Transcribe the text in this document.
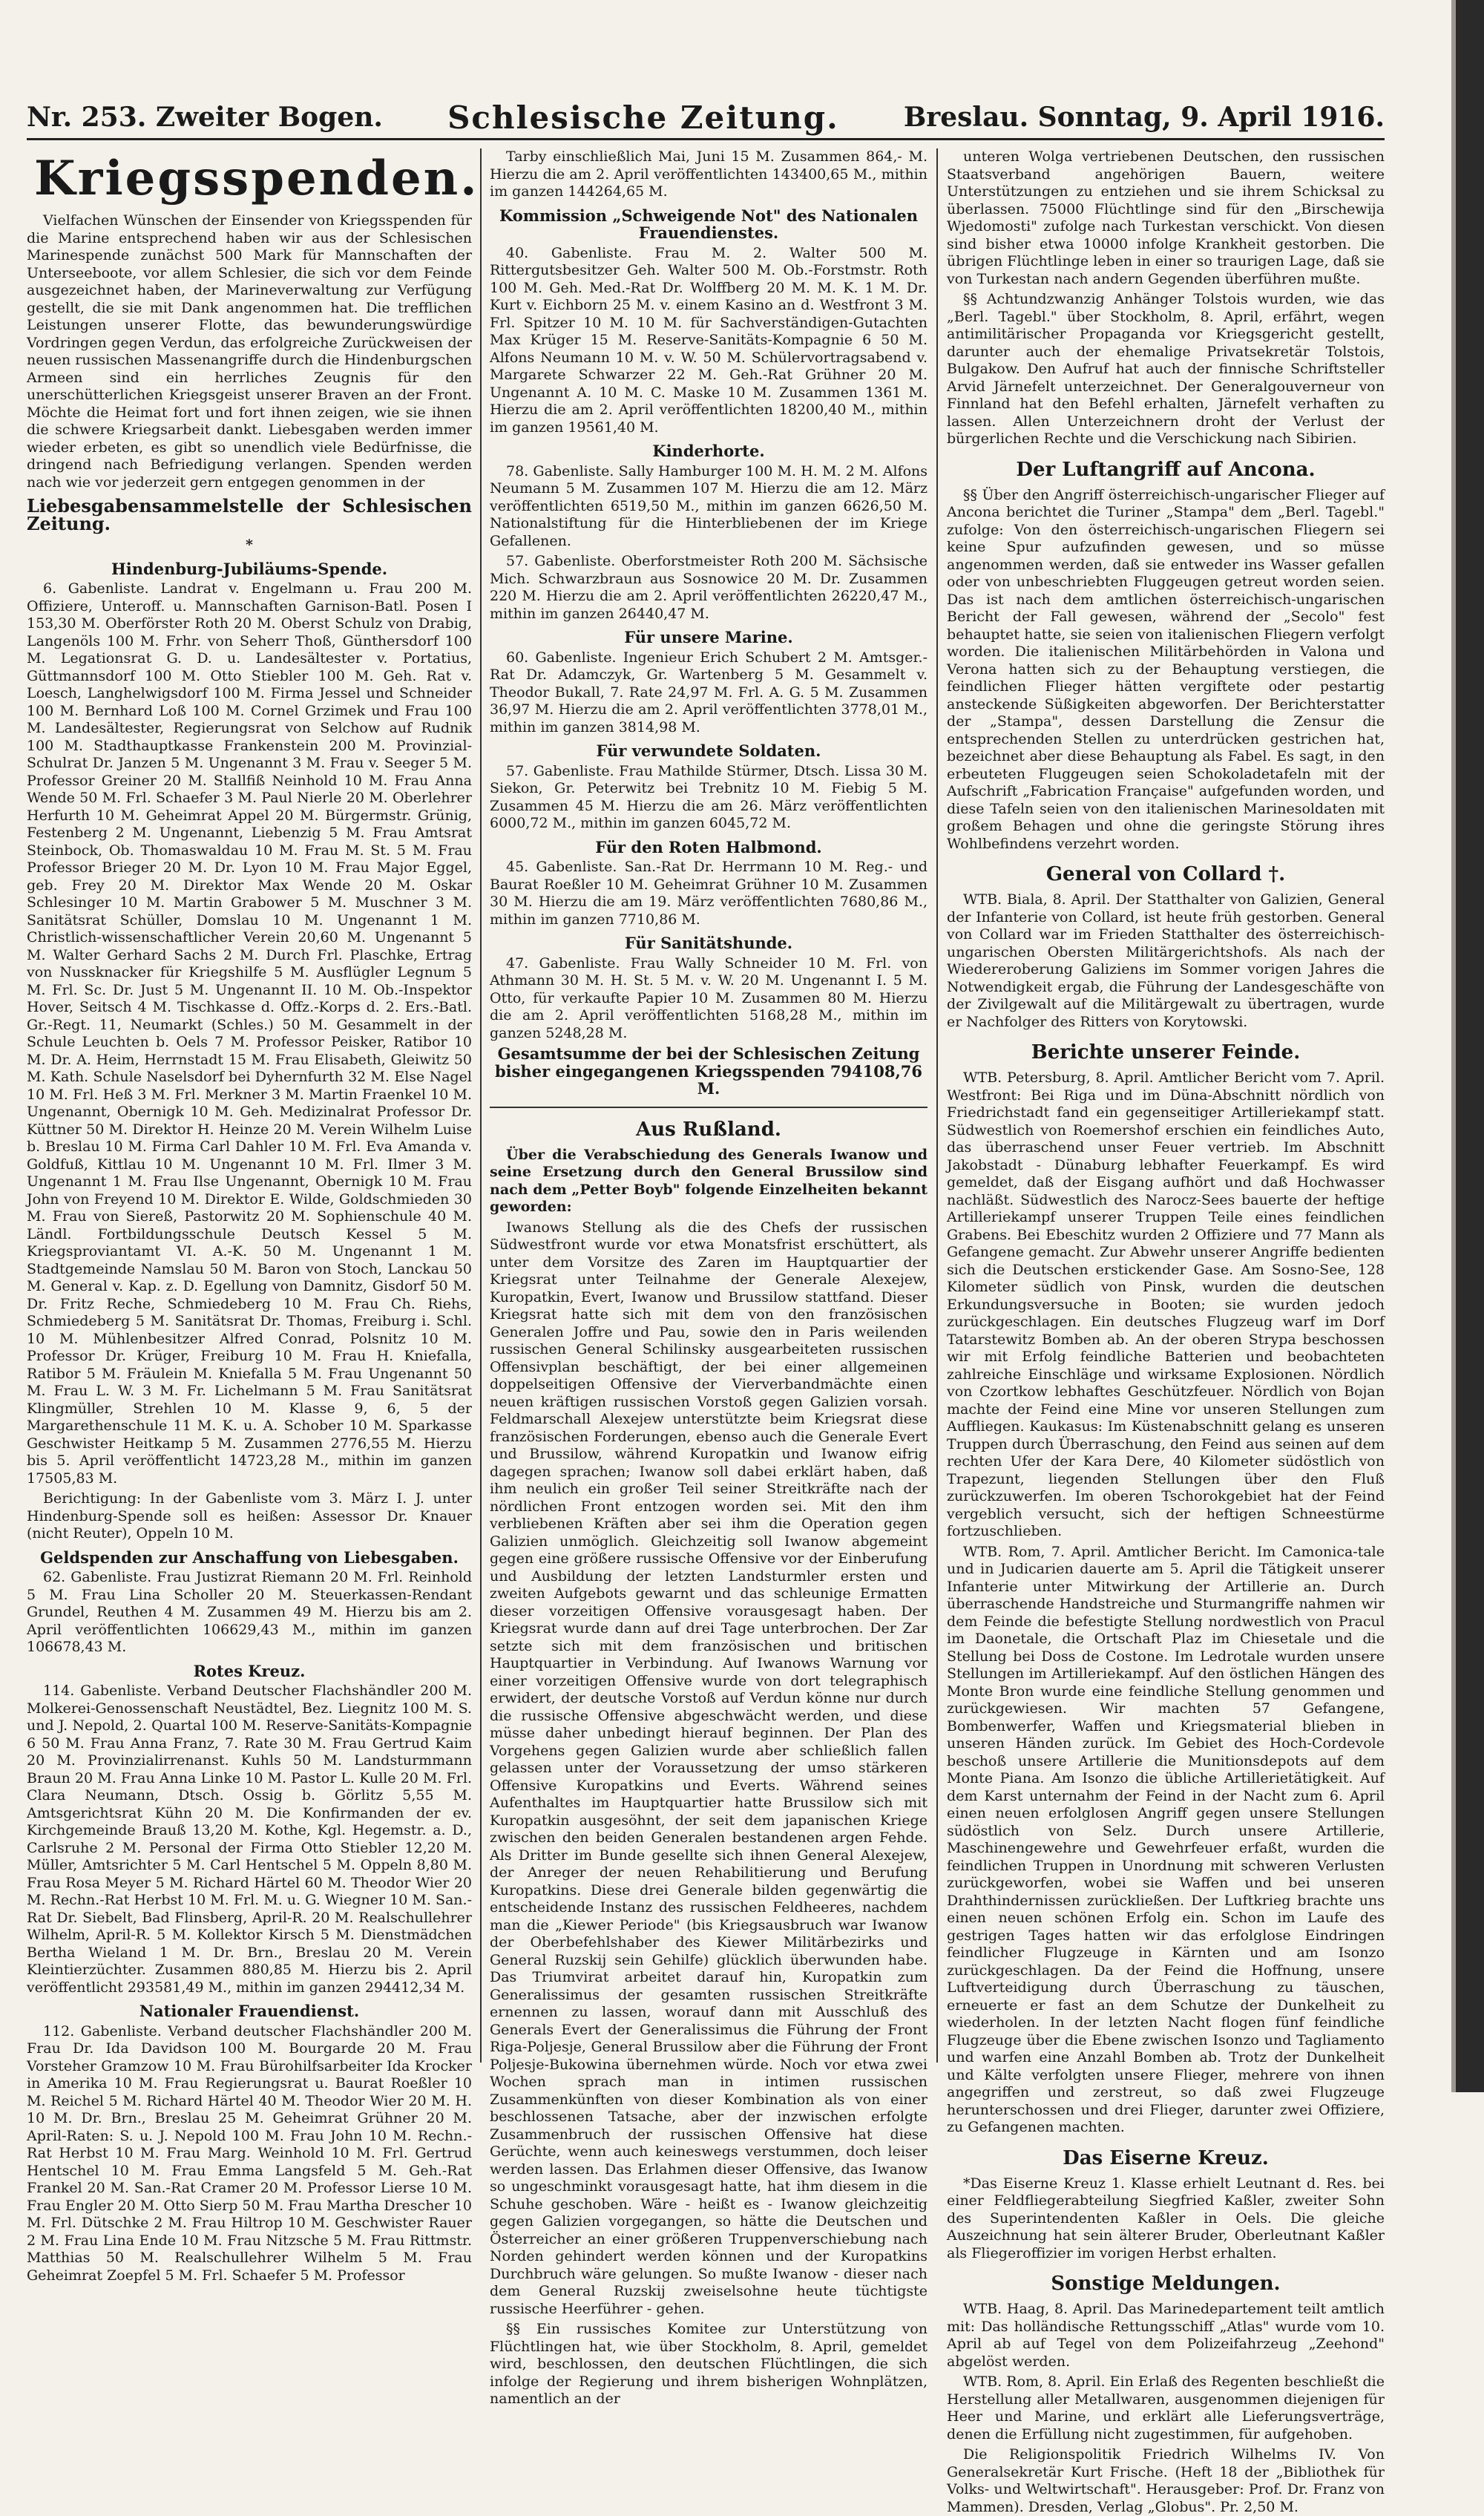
Nr. 253. Zweiter Bogen. Schlesische Zeitung. Breslau. Sonntag, 9. April 1916.
Kriegsspenden.

Vielfachen Wünschen der Einsender von Kriegsspenden für die Marine entsprechend haben wir aus der Schlesischen Marinespende zunächst 500 Mark für Mannschaften der Unterseeboote, vor allem Schlesier, die sich vor dem Feinde ausgezeichnet haben, der Marineverwaltung zur Verfügung gestellt, die sie mit Dank angenommen hat. Die trefflichen Leistungen unserer Flotte, das bewunderungswürdige Vordringen gegen Verdun, das erfolgreiche Zurückweisen der neuen russischen Massenangriffe durch die Hindenburgschen Armeen sind ein herrliches Zeugnis für den unerschütterlichen Kriegsgeist unserer Braven an der Front. Möchte die Heimat fort und fort ihnen zeigen, wie sie ihnen die schwere Kriegsarbeit dankt. Liebesgaben werden immer wieder erbeten, es gibt so unendlich viele Bedürfnisse, die dringend nach Befriedigung verlangen. Spenden werden nach wie vor jederzeit gern entgegen genommen in der

Liebesgabensammelstelle der Schlesischen Zeitung.
*
Hindenburg-Jubiläums-Spende.

6. Gabenliste. Landrat v. Engelmann u. Frau 200 M. Offiziere, Unteroff. u. Mannschaften Garnison-Batl. Posen I 153,30 M. Oberförster Roth 20 M. Oberst Schulz von Drabig, Langenöls 100 M. Frhr. von Seherr Thoß, Günthersdorf 100 M. Legationsrat G. D. u. Landesältester v. Portatius, Güttmannsdorf 100 M. Otto Stiebler 100 M. Geh. Rat v. Loesch, Langhelwigsdorf 100 M. Firma Jessel und Schneider 100 M. Bernhard Loß 100 M. Cornel Grzimek und Frau 100 M. Landesältester, Regierungsrat von Selchow auf Rudnik 100 M. Stadthauptkasse Frankenstein 200 M. Provinzial-Schulrat Dr. Janzen 5 M. Ungenannt 3 M. Frau v. Seeger 5 M. Professor Greiner 20 M. Stallfiß Neinhold 10 M. Frau Anna Wende 50 M. Frl. Schaefer 3 M. Paul Nierle 20 M. Oberlehrer Herfurth 10 M. Geheimrat Appel 20 M. Bürgermstr. Grünig, Festenberg 2 M. Ungenannt, Liebenzig 5 M. Frau Amtsrat Steinbock, Ob. Thomaswaldau 10 M. Frau M. St. 5 M. Frau Professor Brieger 20 M. Dr. Lyon 10 M. Frau Major Eggel, geb. Frey 20 M. Direktor Max Wende 20 M. Oskar Schlesinger 10 M. Martin Grabower 5 M. Muschner 3 M. Sanitätsrat Schüller, Domslau 10 M. Ungenannt 1 M. Christlich-wissenschaftlicher Verein 20,60 M. Ungenannt 5 M. Walter Gerhard Sachs 2 M. Durch Frl. Plaschke, Ertrag von Nussknacker für Kriegshilfe 5 M. Ausflügler Legnum 5 M. Frl. Sc. Dr. Just 5 M. Ungenannt II. 10 M. Ob.-Inspektor Hover, Seitsch 4 M. Tischkasse d. Offz.-Korps d. 2. Ers.-Batl. Gr.-Regt. 11, Neumarkt (Schles.) 50 M. Gesammelt in der Schule Leuchten b. Oels 7 M. Professor Peisker, Ratibor 10 M. Dr. A. Heim, Herrnstadt 15 M. Frau Elisabeth, Gleiwitz 50 M. Kath. Schule Naselsdorf bei Dyhernfurth 32 M. Else Nagel 10 M. Frl. Heß 3 M. Frl. Merkner 3 M. Martin Fraenkel 10 M. Ungenannt, Obernigk 10 M. Geh. Medizinalrat Professor Dr. Küttner 50 M. Direktor H. Heinze 20 M. Verein Wilhelm Luise b. Breslau 10 M. Firma Carl Dahler 10 M. Frl. Eva Amanda v. Goldfuß, Kittlau 10 M. Ungenannt 10 M. Frl. Ilmer 3 M. Ungenannt 1 M. Frau Ilse Ungenannt, Obernigk 10 M. Frau John von Freyend 10 M. Direktor E. Wilde, Goldschmieden 30 M. Frau von Siereß, Pastorwitz 20 M. Sophienschule 40 M. Ländl. Fortbildungsschule Deutsch Kessel 5 M. Kriegsproviantamt VI. A.-K. 50 M. Ungenannt 1 M. Stadtgemeinde Namslau 50 M. Baron von Stoch, Lanckau 50 M. General v. Kap. z. D. Egellung von Damnitz, Gisdorf 50 M. Dr. Fritz Reche, Schmiedeberg 10 M. Frau Ch. Riehs, Schmiedeberg 5 M. Sanitätsrat Dr. Thomas, Freiburg i. Schl. 10 M. Mühlenbesitzer Alfred Conrad, Polsnitz 10 M. Professor Dr. Krüger, Freiburg 10 M. Frau H. Kniefalla, Ratibor 5 M. Fräulein M. Kniefalla 5 M. Frau Ungenannt 50 M. Frau L. W. 3 M. Fr. Lichelmann 5 M. Frau Sanitätsrat Klingmüller, Strehlen 10 M. Klasse 9, 6, 5 der Margarethenschule 11 M. K. u. A. Schober 10 M. Sparkasse Geschwister Heitkamp 5 M. Zusammen 2776,55 M. Hierzu bis 5. April veröffentlicht 14723,28 M., mithin im ganzen 17505,83 M.

Berichtigung: In der Gabenliste vom 3. März I. J. unter Hindenburg-Spende soll es heißen: Assessor Dr. Knauer (nicht Reuter), Oppeln 10 M.

Geldspenden zur Anschaffung von Liebesgaben.

62. Gabenliste. Frau Justizrat Riemann 20 M. Frl. Reinhold 5 M. Frau Lina Scholler 20 M. Steuerkassen-Rendant Grundel, Reuthen 4 M. Zusammen 49 M. Hierzu bis am 2. April veröffentlichten 106629,43 M., mithin im ganzen 106678,43 M.

Rotes Kreuz.

114. Gabenliste. Verband Deutscher Flachshändler 200 M. Molkerei-Genossenschaft Neustädtel, Bez. Liegnitz 100 M. S. und J. Nepold, 2. Quartal 100 M. Reserve-Sanitäts-Kompagnie 6 50 M. Frau Anna Franz, 7. Rate 30 M. Frau Gertrud Kaim 20 M. Provinzialirrenanst. Kuhls 50 M. Landsturmmann Braun 20 M. Frau Anna Linke 10 M. Pastor L. Kulle 20 M. Frl. Clara Neumann, Dtsch. Ossig b. Görlitz 5,55 M. Amtsgerichtsrat Kühn 20 M. Die Konfirmanden der ev. Kirchgemeinde Brauß 13,20 M. Kothe, Kgl. Hegemstr. a. D., Carlsruhe 2 M. Personal der Firma Otto Stiebler 12,20 M. Müller, Amtsrichter 5 M. Carl Hentschel 5 M. Oppeln 8,80 M. Frau Rosa Meyer 5 M. Richard Härtel 60 M. Theodor Wier 20 M. Rechn.-Rat Herbst 10 M. Frl. M. u. G. Wiegner 10 M. San.-Rat Dr. Siebelt, Bad Flinsberg, April-R. 20 M. Realschullehrer Wilhelm, April-R. 5 M. Kollektor Kirsch 5 M. Dienstmädchen Bertha Wieland 1 M. Dr. Brn., Breslau 20 M. Verein Kleintierzüchter. Zusammen 880,85 M. Hierzu bis 2. April veröffentlicht 293581,49 M., mithin im ganzen 294412,34 M.

Nationaler Frauendienst.

112. Gabenliste. Verband deutscher Flachshändler 200 M. Frau Dr. Ida Davidson 100 M. Bourgarde 20 M. Frau Vorsteher Gramzow 10 M. Frau Bürohilfsarbeiter Ida Krocker in Amerika 10 M. Frau Regierungsrat u. Baurat Roeßler 10 M. Reichel 5 M. Richard Härtel 40 M. Theodor Wier 20 M. H. 10 M. Dr. Brn., Breslau 25 M. Geheimrat Grühner 20 M. April-Raten: S. u. J. Nepold 100 M. Frau John 10 M. Rechn.-Rat Herbst 10 M. Frau Marg. Weinhold 10 M. Frl. Gertrud Hentschel 10 M. Frau Emma Langsfeld 5 M. Geh.-Rat Frankel 20 M. San.-Rat Cramer 20 M. Professor Lierse 10 M. Frau Engler 20 M. Otto Sierp 50 M. Frau Martha Drescher 10 M. Frl. Dütschke 2 M. Frau Hiltrop 10 M. Geschwister Rauer 2 M. Frau Lina Ende 10 M. Frau Nitzsche 5 M. Frau Rittmstr. Matthias 50 M. Realschullehrer Wilhelm 5 M. Frau Geheimrat Zoepfel 5 M. Frl. Schaefer 5 M. Professor

Tarby einschließlich Mai, Juni 15 M. Zusammen 864,- M. Hierzu die am 2. April veröffentlichten 143400,65 M., mithin im ganzen 144264,65 M.

Kommission „Schweigende Not" des Nationalen Frauendienstes.

40. Gabenliste. Frau M. 2. Walter 500 M. Rittergutsbesitzer Geh. Walter 500 M. Ob.-Forstmstr. Roth 100 M. Geh. Med.-Rat Dr. Wolffberg 20 M. M. K. 1 M. Dr. Kurt v. Eichborn 25 M. v. einem Kasino an d. Westfront 3 M. Frl. Spitzer 10 M. 10 M. für Sachverständigen-Gutachten Max Krüger 15 M. Reserve-Sanitäts-Kompagnie 6 50 M. Alfons Neumann 10 M. v. W. 50 M. Schülervortragsabend v. Margarete Schwarzer 22 M. Geh.-Rat Grühner 20 M. Ungenannt A. 10 M. C. Maske 10 M. Zusammen 1361 M. Hierzu die am 2. April veröffentlichten 18200,40 M., mithin im ganzen 19561,40 M.

Kinderhorte.

78. Gabenliste. Sally Hamburger 100 M. H. M. 2 M. Alfons Neumann 5 M. Zusammen 107 M. Hierzu die am 12. März veröffentlichten 6519,50 M., mithin im ganzen 6626,50 M. Nationalstiftung für die Hinterbliebenen der im Kriege Gefallenen.

57. Gabenliste. Oberforstmeister Roth 200 M. Sächsische Mich. Schwarzbraun aus Sosnowice 20 M. Dr. Zusammen 220 M. Hierzu die am 2. April veröffentlichten 26220,47 M., mithin im ganzen 26440,47 M.

Für unsere Marine.

60. Gabenliste. Ingenieur Erich Schubert 2 M. Amtsger.-Rat Dr. Adamczyk, Gr. Wartenberg 5 M. Gesammelt v. Theodor Bukall, 7. Rate 24,97 M. Frl. A. G. 5 M. Zusammen 36,97 M. Hierzu die am 2. April veröffentlichten 3778,01 M., mithin im ganzen 3814,98 M.

Für verwundete Soldaten.

57. Gabenliste. Frau Mathilde Stürmer, Dtsch. Lissa 30 M. Siekon, Gr. Peterwitz bei Trebnitz 10 M. Fiebig 5 M. Zusammen 45 M. Hierzu die am 26. März veröffentlichten 6000,72 M., mithin im ganzen 6045,72 M.

Für den Roten Halbmond.

45. Gabenliste. San.-Rat Dr. Herrmann 10 M. Reg.- und Baurat Roeßler 10 M. Geheimrat Grühner 10 M. Zusammen 30 M. Hierzu die am 19. März veröffentlichten 7680,86 M., mithin im ganzen 7710,86 M.

Für Sanitätshunde.

47. Gabenliste. Frau Wally Schneider 10 M. Frl. von Athmann 30 M. H. St. 5 M. v. W. 20 M. Ungenannt I. 5 M. Otto, für verkaufte Papier 10 M. Zusammen 80 M. Hierzu die am 2. April veröffentlichten 5168,28 M., mithin im ganzen 5248,28 M.

Gesamtsumme der bei der Schlesischen Zeitung bisher eingegangenen Kriegsspenden 794108,76 M.
Aus Rußland.

Über die Verabschiedung des Generals Iwanow und seine Ersetzung durch den General Brussilow sind nach dem „Petter Boyb" folgende Einzelheiten bekannt geworden:

Iwanows Stellung als die des Chefs der russischen Südwestfront wurde vor etwa Monatsfrist erschüttert, als unter dem Vorsitze des Zaren im Hauptquartier der Kriegsrat unter Teilnahme der Generale Alexejew, Kuropatkin, Evert, Iwanow und Brussilow stattfand. Dieser Kriegsrat hatte sich mit dem von den französischen Generalen Joffre und Pau, sowie den in Paris weilenden russischen General Schilinsky ausgearbeiteten russischen Offensivplan beschäftigt, der bei einer allgemeinen doppelseitigen Offensive der Vierverbandmächte einen neuen kräftigen russischen Vorstoß gegen Galizien vorsah. Feldmarschall Alexejew unterstützte beim Kriegsrat diese französischen Forderungen, ebenso auch die Generale Evert und Brussilow, während Kuropatkin und Iwanow eifrig dagegen sprachen; Iwanow soll dabei erklärt haben, daß ihm neulich ein großer Teil seiner Streitkräfte nach der nördlichen Front entzogen worden sei. Mit den ihm verbliebenen Kräften aber sei ihm die Operation gegen Galizien unmöglich. Gleichzeitig soll Iwanow abgemeint gegen eine größere russische Offensive vor der Einberufung und Ausbildung der letzten Landsturmler ersten und zweiten Aufgebots gewarnt und das schleunige Ermatten dieser vorzeitigen Offensive vorausgesagt haben. Der Kriegsrat wurde dann auf drei Tage unterbrochen. Der Zar setzte sich mit dem französischen und britischen Hauptquartier in Verbindung. Auf Iwanows Warnung vor einer vorzeitigen Offensive wurde von dort telegraphisch erwidert, der deutsche Vorstoß auf Verdun könne nur durch die russische Offensive abgeschwächt werden, und diese müsse daher unbedingt hierauf beginnen. Der Plan des Vorgehens gegen Galizien wurde aber schließlich fallen gelassen unter der Voraussetzung der umso stärkeren Offensive Kuropatkins und Everts. Während seines Aufenthaltes im Hauptquartier hatte Brussilow sich mit Kuropatkin ausgesöhnt, der seit dem japanischen Kriege zwischen den beiden Generalen bestandenen argen Fehde. Als Dritter im Bunde gesellte sich ihnen General Alexejew, der Anreger der neuen Rehabilitierung und Berufung Kuropatkins. Diese drei Generale bilden gegenwärtig die entscheidende Instanz des russischen Feldheeres, nachdem man die „Kiewer Periode" (bis Kriegsausbruch war Iwanow der Oberbefehlshaber des Kiewer Militärbezirks und General Ruzskij sein Gehilfe) glücklich überwunden habe. Das Triumvirat arbeitet darauf hin, Kuropatkin zum Generalissimus der gesamten russischen Streitkräfte ernennen zu lassen, worauf dann mit Ausschluß des Generals Evert der Generalissimus die Führung der Front Riga-Poljesje, General Brussilow aber die Führung der Front Poljesje-Bukowina übernehmen würde. Noch vor etwa zwei Wochen sprach man in intimen russischen Zusammenkünften von dieser Kombination als von einer beschlossenen Tatsache, aber der inzwischen erfolgte Zusammenbruch der russischen Offensive hat diese Gerüchte, wenn auch keineswegs verstummen, doch leiser werden lassen. Das Erlahmen dieser Offensive, das Iwanow so ungeschminkt vorausgesagt hatte, hat ihm diesem in die Schuhe geschoben. Wäre - heißt es - Iwanow gleichzeitig gegen Galizien vorgegangen, so hätte die Deutschen und Österreicher an einer größeren Truppenverschiebung nach Norden gehindert werden können und der Kuropatkins Durchbruch wäre gelungen. So mußte Iwanow - dieser nach dem General Ruzskij zweiselsohne heute tüchtigste russische Heerführer - gehen.

§§ Ein russisches Komitee zur Unterstützung von Flüchtlingen hat, wie über Stockholm, 8. April, gemeldet wird, beschlossen, den deutschen Flüchtlingen, die sich infolge der Regierung und ihrem bisherigen Wohnplätzen, namentlich an der

unteren Wolga vertriebenen Deutschen, den russischen Staatsverband angehörigen Bauern, weitere Unterstützungen zu entziehen und sie ihrem Schicksal zu überlassen. 75000 Flüchtlinge sind für den „Birschewija Wjedomosti" zufolge nach Turkestan verschickt. Von diesen sind bisher etwa 10000 infolge Krankheit gestorben. Die übrigen Flüchtlinge leben in einer so traurigen Lage, daß sie von Turkestan nach andern Gegenden überführen mußte.

§§ Achtundzwanzig Anhänger Tolstois wurden, wie das „Berl. Tagebl." über Stockholm, 8. April, erfährt, wegen antimilitärischer Propaganda vor Kriegsgericht gestellt, darunter auch der ehemalige Privatsekretär Tolstois, Bulgakow. Den Aufruf hat auch der finnische Schriftsteller Arvid Järnefelt unterzeichnet. Der Generalgouverneur von Finnland hat den Befehl erhalten, Järnefelt verhaften zu lassen. Allen Unterzeichnern droht der Verlust der bürgerlichen Rechte und die Verschickung nach Sibirien.

Der Luftangriff auf Ancona.

§§ Über den Angriff österreichisch-ungarischer Flieger auf Ancona berichtet die Turiner „Stampa" dem „Berl. Tagebl." zufolge: Von den österreichisch-ungarischen Fliegern sei keine Spur aufzufinden gewesen, und so müsse angenommen werden, daß sie entweder ins Wasser gefallen oder von unbeschriebten Fluggeugen getreut worden seien. Das ist nach dem amtlichen österreichisch-ungarischen Bericht der Fall gewesen, während der „Secolo" fest behauptet hatte, sie seien von italienischen Fliegern verfolgt worden. Die italienischen Militärbehörden in Valona und Verona hatten sich zu der Behauptung verstiegen, die feindlichen Flieger hätten vergiftete oder pestartig ansteckende Süßigkeiten abgeworfen. Der Berichterstatter der „Stampa", dessen Darstellung die Zensur die entsprechenden Stellen zu unterdrücken gestrichen hat, bezeichnet aber diese Behauptung als Fabel. Es sagt, in den erbeuteten Fluggeugen seien Schokoladetafeln mit der Aufschrift „Fabrication Française" aufgefunden worden, und diese Tafeln seien von den italienischen Marinesoldaten mit großem Behagen und ohne die geringste Störung ihres Wohlbefindens verzehrt worden.

General von Collard †.

WTB. Biala, 8. April. Der Statthalter von Galizien, General der Infanterie von Collard, ist heute früh gestorben. General von Collard war im Frieden Statthalter des österreichisch-ungarischen Obersten Militärgerichtshofs. Als nach der Wiedereroberung Galiziens im Sommer vorigen Jahres die Notwendigkeit ergab, die Führung der Landesgeschäfte von der Zivilgewalt auf die Militärgewalt zu übertragen, wurde er Nachfolger des Ritters von Korytowski.

Berichte unserer Feinde.

WTB. Petersburg, 8. April. Amtlicher Bericht vom 7. April. Westfront: Bei Riga und im Düna-Abschnitt nördlich von Friedrichstadt fand ein gegenseitiger Artilleriekampf statt. Südwestlich von Roemershof erschien ein feindliches Auto, das überraschend unser Feuer vertrieb. Im Abschnitt Jakobstadt - Dünaburg lebhafter Feuerkampf. Es wird gemeldet, daß der Eisgang aufhört und daß Hochwasser nachläßt. Südwestlich des Narocz-Sees bauerte der heftige Artilleriekampf unserer Truppen Teile eines feindlichen Grabens. Bei Ebeschitz wurden 2 Offiziere und 77 Mann als Gefangene gemacht. Zur Abwehr unserer Angriffe bedienten sich die Deutschen erstickender Gase. Am Sosno-See, 128 Kilometer südlich von Pinsk, wurden die deutschen Erkundungsversuche in Booten; sie wurden jedoch zurückgeschlagen. Ein deutsches Flugzeug warf im Dorf Tatarstewitz Bomben ab. An der oberen Strypa beschossen wir mit Erfolg feindliche Batterien und beobachteten zahlreiche Einschläge und wirksame Explosionen. Nördlich von Czortkow lebhaftes Geschützfeuer. Nördlich von Bojan machte der Feind eine Mine vor unseren Stellungen zum Auffliegen. Kaukasus: Im Küstenabschnitt gelang es unseren Truppen durch Überraschung, den Feind aus seinen auf dem rechten Ufer der Kara Dere, 40 Kilometer südöstlich von Trapezunt, liegenden Stellungen über den Fluß zurückzuwerfen. Im oberen Tschorokgebiet hat der Feind vergeblich versucht, sich der heftigen Schneestürme fortzuschlieben.

WTB. Rom, 7. April. Amtlicher Bericht. Im Camonica-tale und in Judicarien dauerte am 5. April die Tätigkeit unserer Infanterie unter Mitwirkung der Artillerie an. Durch überraschende Handstreiche und Sturmangriffe nahmen wir dem Feinde die befestigte Stellung nordwestlich von Pracul im Daonetale, die Ortschaft Plaz im Chiesetale und die Stellung bei Doss de Costone. Im Ledrotale wurden unsere Stellungen im Artilleriekampf. Auf den östlichen Hängen des Monte Bron wurde eine feindliche Stellung genommen und zurückgewiesen. Wir machten 57 Gefangene, Bombenwerfer, Waffen und Kriegsmaterial blieben in unseren Händen zurück. Im Gebiet des Hoch-Cordevole beschoß unsere Artillerie die Munitionsdepots auf dem Monte Piana. Am Isonzo die übliche Artillerietätigkeit. Auf dem Karst unternahm der Feind in der Nacht zum 6. April einen neuen erfolglosen Angriff gegen unsere Stellungen südöstlich von Selz. Durch unsere Artillerie, Maschinengewehre und Gewehrfeuer erfaßt, wurden die feindlichen Truppen in Unordnung mit schweren Verlusten zurückgeworfen, wobei sie Waffen und bei unseren Drahthindernissen zurückließen. Der Luftkrieg brachte uns einen neuen schönen Erfolg ein. Schon im Laufe des gestrigen Tages hatten wir das erfolglose Eindringen feindlicher Flugzeuge in Kärnten und am Isonzo zurückgeschlagen. Da der Feind die Hoffnung, unsere Luftverteidigung durch Überraschung zu täuschen, erneuerte er fast an dem Schutze der Dunkelheit zu wiederholen. In der letzten Nacht flogen fünf feindliche Flugzeuge über die Ebene zwischen Isonzo und Tagliamento und warfen eine Anzahl Bomben ab. Trotz der Dunkelheit und Kälte verfolgten unsere Flieger, mehrere von ihnen angegriffen und zerstreut, so daß zwei Flugzeuge herunterschossen und drei Flieger, darunter zwei Offiziere, zu Gefangenen machten.

Das Eiserne Kreuz.

*Das Eiserne Kreuz 1. Klasse erhielt Leutnant d. Res. bei einer Feldfliegerabteilung Siegfried Kaßler, zweiter Sohn des Superintendenten Kaßler in Oels. Die gleiche Auszeichnung hat sein älterer Bruder, Oberleutnant Kaßler als Fliegeroffizier im vorigen Herbst erhalten.

Sonstige Meldungen.

WTB. Haag, 8. April. Das Marinedepartement teilt amtlich mit: Das holländische Rettungsschiff „Atlas" wurde vom 10. April ab auf Tegel von dem Polizeifahrzeug „Zeehond" abgelöst werden.

WTB. Rom, 8. April. Ein Erlaß des Regenten beschließt die Herstellung aller Metallwaren, ausgenommen diejenigen für Heer und Marine, und erklärt alle Lieferungsverträge, denen die Erfüllung nicht zugestimmen, für aufgehoben.

Die Religionspolitik Friedrich Wilhelms IV. Von Generalsekretär Kurt Frische. (Heft 18 der „Bibliothek für Volks- und Weltwirtschaft". Herausgeber: Prof. Dr. Franz von Mammen). Dresden, Verlag „Globus". Pr. 2,50 M.
